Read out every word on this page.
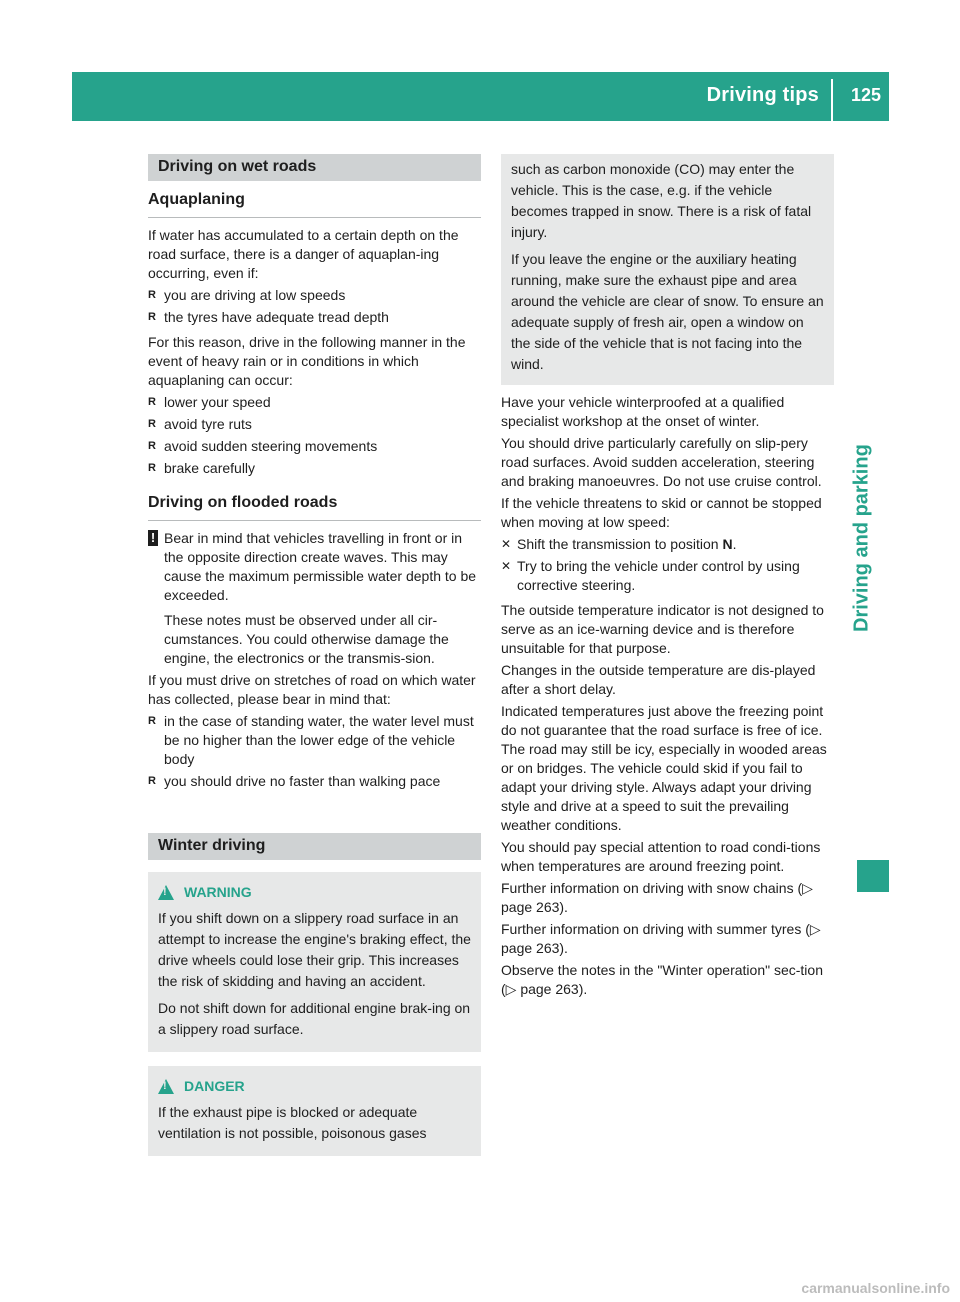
Driving tips 125
Driving and parking
Driving on wet roads
Aquaplaning

If water has accumulated to a certain depth on the road surface, there is a danger of aquaplan-ing occurring, even if:

R you are driving at low speeds
R the tyres have adequate tread depth

For this reason, drive in the following manner in the event of heavy rain or in conditions in which aquaplaning can occur:

R lower your speed
R avoid tyre ruts
R avoid sudden steering movements
R brake carefully
Driving on flooded roads
! Bear in mind that vehicles travelling in front or in the opposite direction create waves. This may cause the maximum permissible water depth to be exceeded.

These notes must be observed under all cir-cumstances. You could otherwise damage the engine, the electronics or the transmis-sion.

If you must drive on stretches of road on which water has collected, please bear in mind that:

R in the case of standing water, the water level must be no higher than the lower edge of the vehicle body
R you should drive no faster than walking pace
Winter driving
!
WARNING

If you shift down on a slippery road surface in an attempt to increase the engine's braking effect, the drive wheels could lose their grip. This increases the risk of skidding and having an accident.

Do not shift down for additional engine brak-ing on a slippery road surface.

!
DANGER

If the exhaust pipe is blocked or adequate ventilation is not possible, poisonous gases

such as carbon monoxide (CO) may enter the vehicle. This is the case, e.g. if the vehicle becomes trapped in snow. There is a risk of fatal injury.

If you leave the engine or the auxiliary heating running, make sure the exhaust pipe and area around the vehicle are clear of snow. To ensure an adequate supply of fresh air, open a window on the side of the vehicle that is not facing into the wind.

Have your vehicle winterproofed at a qualified specialist workshop at the onset of winter.

You should drive particularly carefully on slip-pery road surfaces. Avoid sudden acceleration, steering and braking manoeuvres. Do not use cruise control.

If the vehicle threatens to skid or cannot be stopped when moving at low speed:

✕ Shift the transmission to position N.
✕ Try to bring the vehicle under control by using corrective steering.

The outside temperature indicator is not designed to serve as an ice-warning device and is therefore unsuitable for that purpose.

Changes in the outside temperature are dis-played after a short delay.

Indicated temperatures just above the freezing point do not guarantee that the road surface is free of ice. The road may still be icy, especially in wooded areas or on bridges. The vehicle could skid if you fail to adapt your driving style. Always adapt your driving style and drive at a speed to suit the prevailing weather conditions.

You should pay special attention to road condi-tions when temperatures are around freezing point.

Further information on driving with snow chains (▷ page 263).

Further information on driving with summer tyres (▷ page 263).

Observe the notes in the "Winter operation" sec-tion (▷ page 263).

carmanualsonline.info
